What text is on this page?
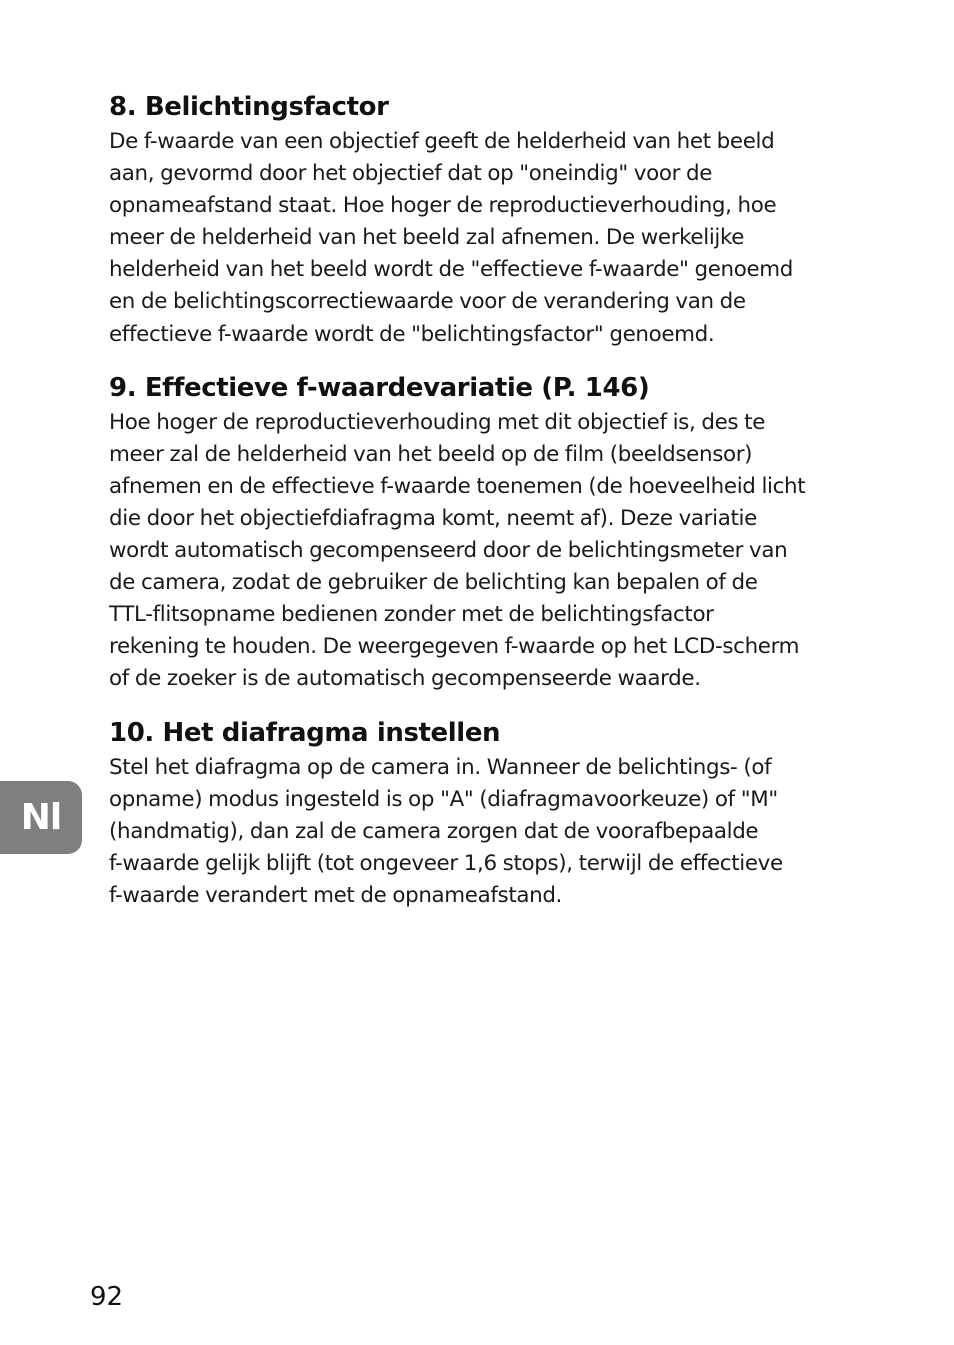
8. Belichtingsfactor

De f-waarde van een objectief geeft de helderheid van het beeld
aan, gevormd door het objectief dat op "oneindig" voor de
opnameafstand staat. Hoe hoger de reproductieverhouding, hoe
meer de helderheid van het beeld zal afnemen. De werkelijke
helderheid van het beeld wordt de "effectieve f-waarde" genoemd
en de belichtingscorrectiewaarde voor de verandering van de
effectieve f-waarde wordt de "belichtingsfactor" genoemd.

9. Effectieve f-waardevariatie (P. 146)

Hoe hoger de reproductieverhouding met dit objectief is, des te
meer zal de helderheid van het beeld op de film (beeldsensor)
afnemen en de effectieve f-waarde toenemen (de hoeveelheid licht
die door het objectiefdiafragma komt, neemt af). Deze variatie
wordt automatisch gecompenseerd door de belichtingsmeter van
de camera, zodat de gebruiker de belichting kan bepalen of de
TTL-flitsopname bedienen zonder met de belichtingsfactor
rekening te houden. De weergegeven f-waarde op het LCD-scherm
of de zoeker is de automatisch gecompenseerde waarde.

10. Het diafragma instellen

Stel het diafragma op de camera in. Wanneer de belichtings- (of
opname) modus ingesteld is op "A" (diafragmavoorkeuze) of "M"
(handmatig), dan zal de camera zorgen dat de voorafbepaalde
f-waarde gelijk blijft (tot ongeveer 1,6 stops), terwijl de effectieve
f-waarde verandert met de opnameafstand.

Nl
92
